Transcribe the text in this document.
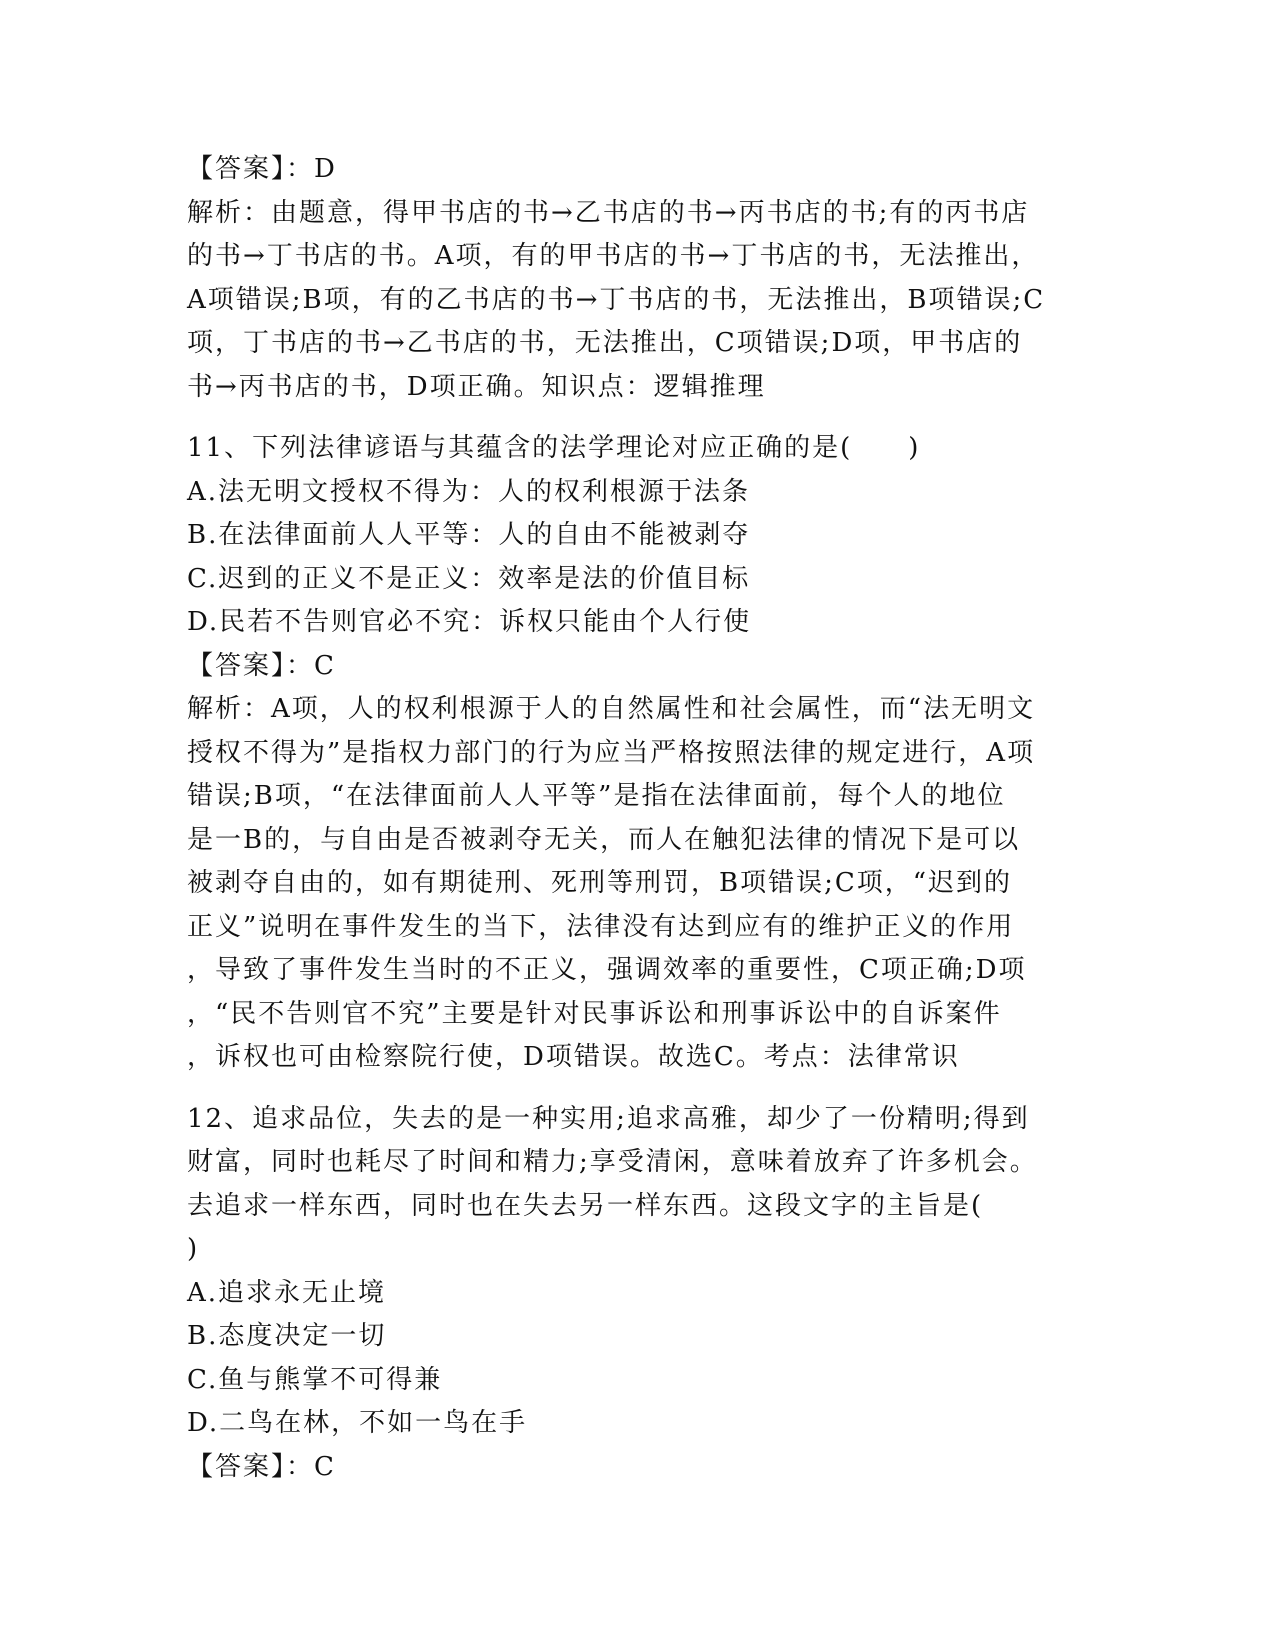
【答案】：D
解析：由题意，得甲书店的书→乙书店的书→丙书店的书;有的丙书店
的书→丁书店的书。A项，有的甲书店的书→丁书店的书，无法推出，
A项错误;B项，有的乙书店的书→丁书店的书，无法推出，B项错误;C
项，丁书店的书→乙书店的书，无法推出，C项错误;D项，甲书店的
书→丙书店的书，D项正确。知识点：逻辑推理
11、下列法律谚语与其蕴含的法学理论对应正确的是(　　)
A.法无明文授权不得为：人的权利根源于法条
B.在法律面前人人平等：人的自由不能被剥夺
C.迟到的正义不是正义：效率是法的价值目标
D.民若不告则官必不究：诉权只能由个人行使
【答案】：C
解析：A项，人的权利根源于人的自然属性和社会属性，而“法无明文
授权不得为”是指权力部门的行为应当严格按照法律的规定进行，A项
错误;B项，“在法律面前人人平等”是指在法律面前，每个人的地位
是一B的，与自由是否被剥夺无关，而人在触犯法律的情况下是可以
被剥夺自由的，如有期徒刑、死刑等刑罚，B项错误;C项，“迟到的
正义”说明在事件发生的当下，法律没有达到应有的维护正义的作用
，导致了事件发生当时的不正义，强调效率的重要性，C项正确;D项
，“民不告则官不究”主要是针对民事诉讼和刑事诉讼中的自诉案件
，诉权也可由检察院行使，D项错误。故选C。考点：法律常识
12、追求品位，失去的是一种实用;追求高雅，却少了一份精明;得到
财富，同时也耗尽了时间和精力;享受清闲，意味着放弃了许多机会。
去追求一样东西，同时也在失去另一样东西。这段文字的主旨是(
)
A.追求永无止境
B.态度决定一切
C.鱼与熊掌不可得兼
D.二鸟在林，不如一鸟在手
【答案】：C
